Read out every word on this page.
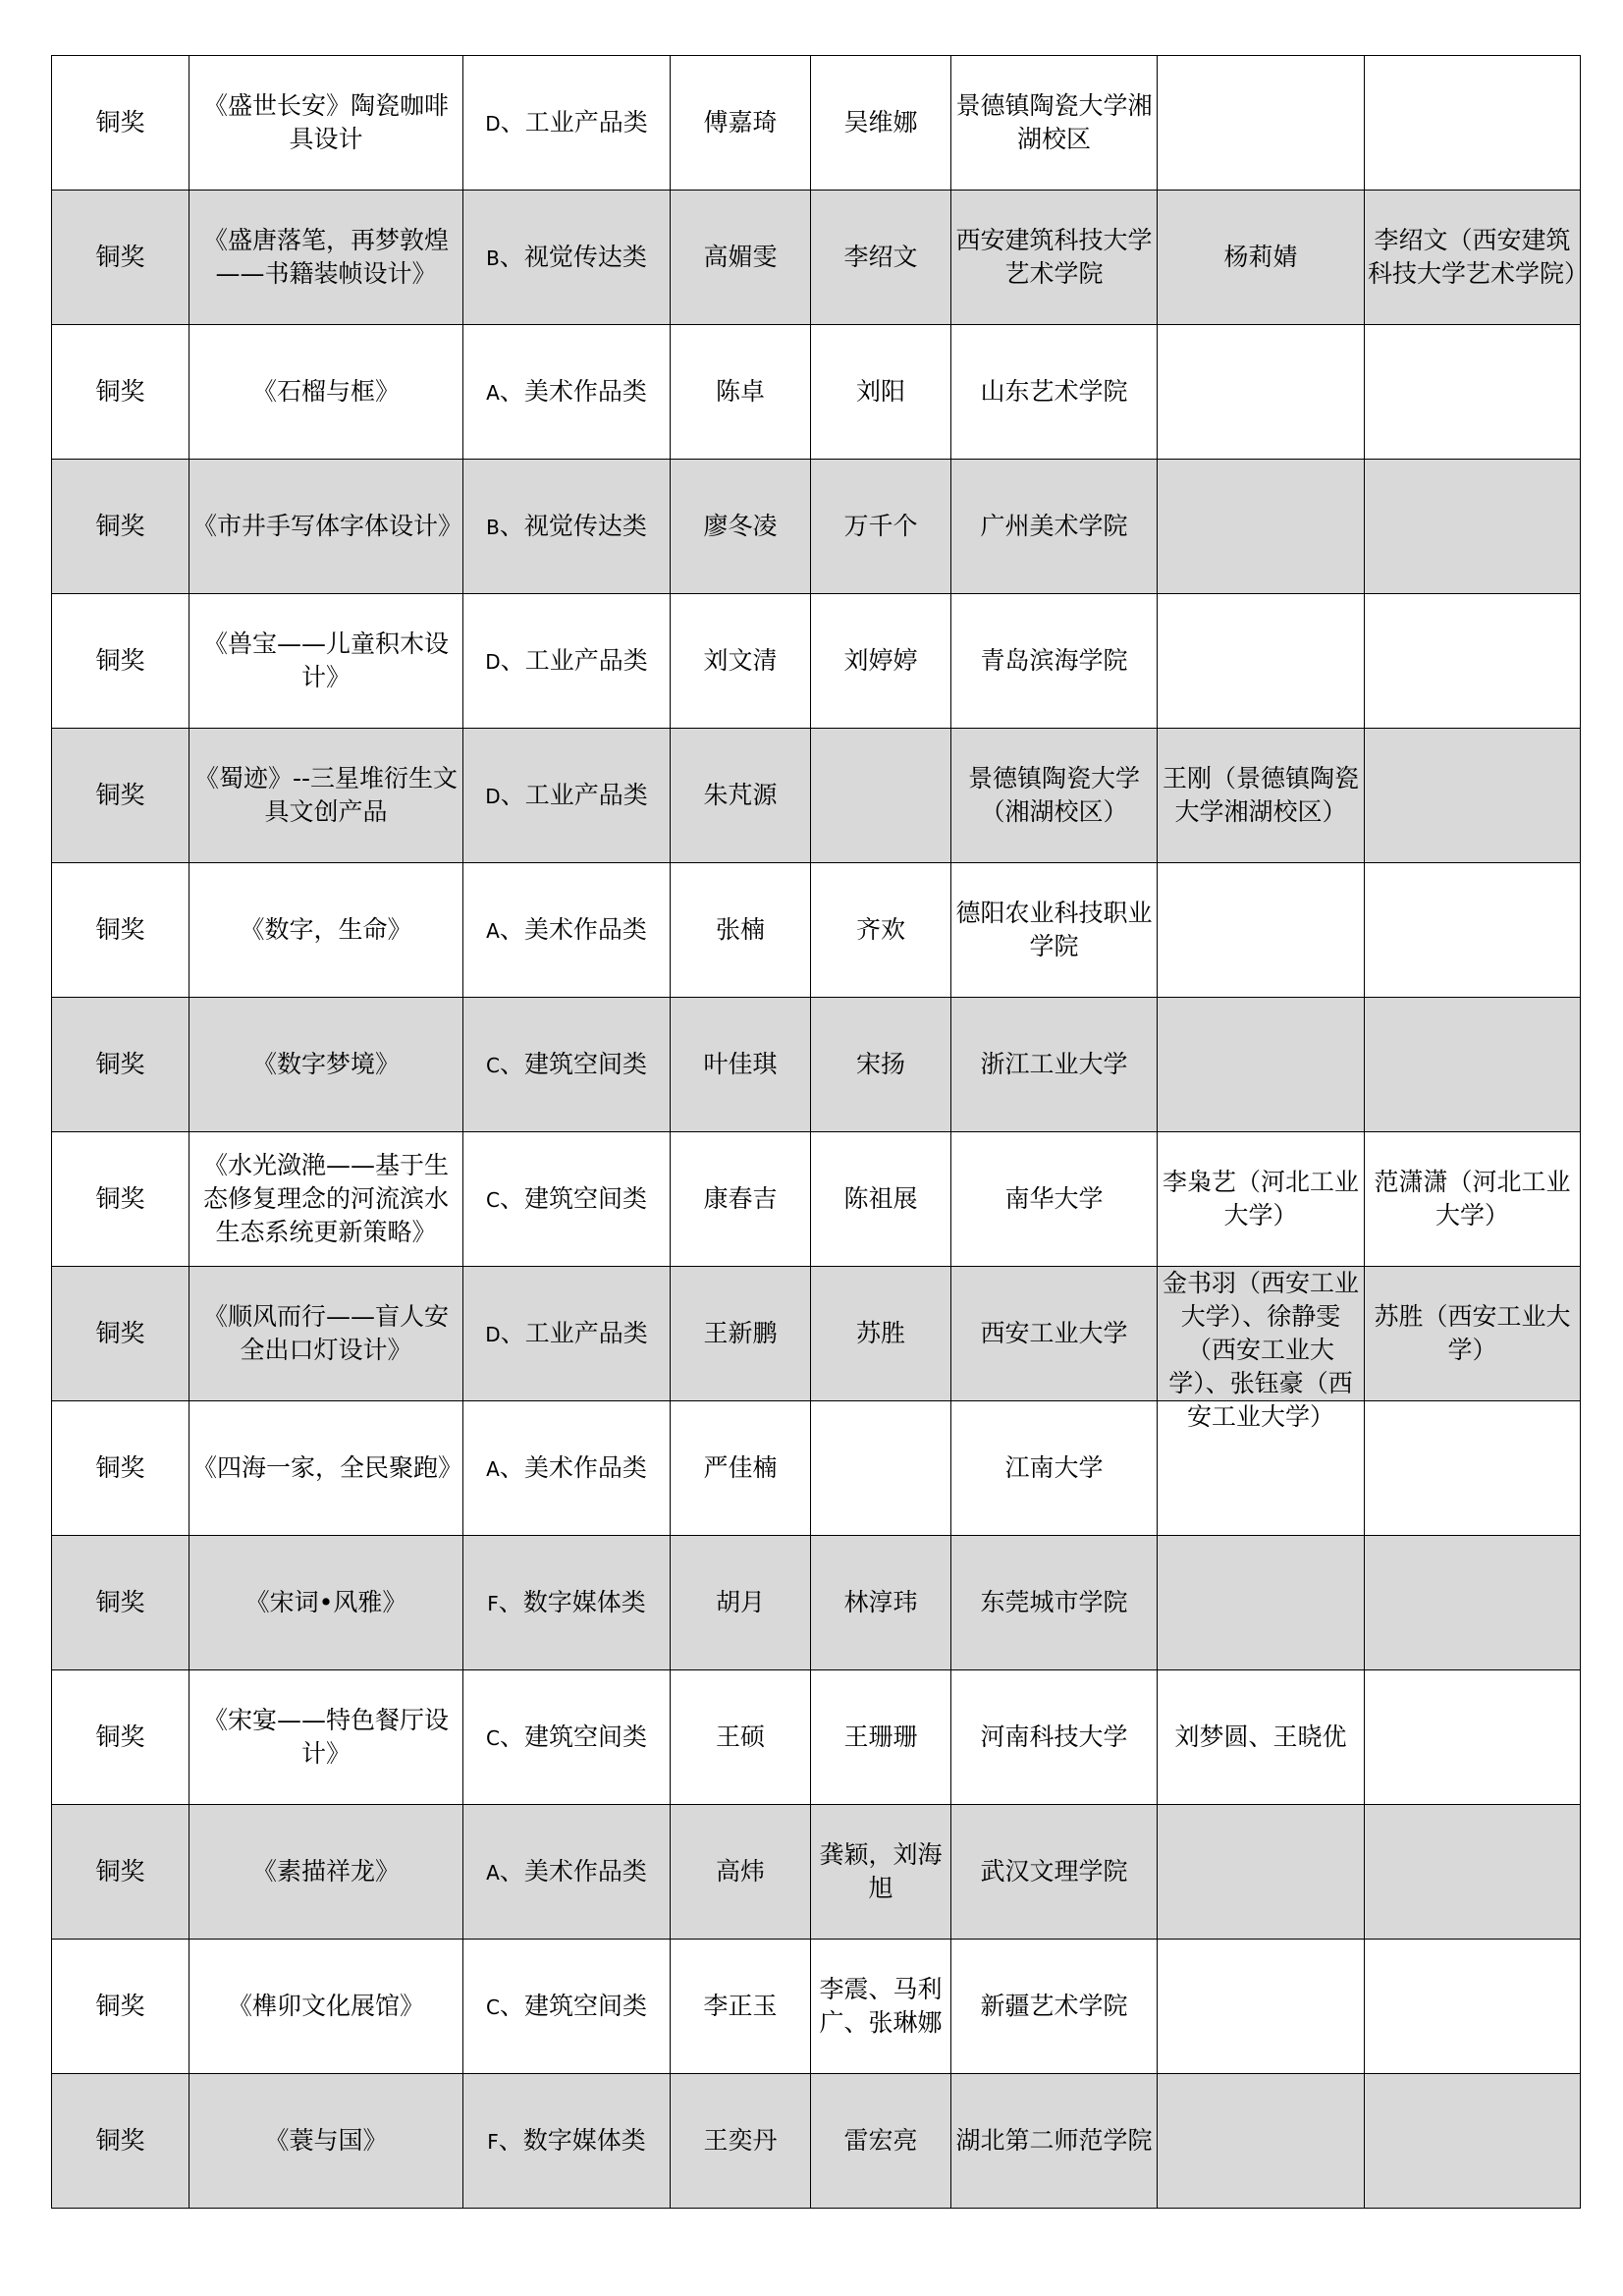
铜奖	《盛世长安》陶瓷咖啡具设计	D、工业产品类	傅嘉琦	吴维娜	景德镇陶瓷大学湘湖校区		

铜奖	《盛唐落笔，再梦敦煌——书籍装帧设计》	B、视觉传达类	高媚雯	李绍文	西安建筑科技大学艺术学院	杨莉婧	李绍文（西安建筑科技大学艺术学院）

铜奖	《石榴与框》	A、美术作品类	陈卓	刘阳	山东艺术学院		

铜奖	《市井手写体字体设计》	B、视觉传达类	廖冬凌	万千个	广州美术学院		

铜奖	《兽宝——儿童积木设计》	D、工业产品类	刘文清	刘婷婷	青岛滨海学院		

铜奖	《蜀迹》--三星堆衍生文具文创产品	D、工业产品类	朱芃源		景德镇陶瓷大学（湘湖校区）	王刚（景德镇陶瓷大学湘湖校区）	

铜奖	《数字，生命》	A、美术作品类	张楠	齐欢	德阳农业科技职业学院		

铜奖	《数字梦境》	C、建筑空间类	叶佳琪	宋扬	浙江工业大学		

铜奖	《水光潋滟——基于生态修复理念的河流滨水生态系统更新策略》	C、建筑空间类	康春吉	陈祖展	南华大学	李枭艺（河北工业大学）	范潇潇（河北工业大学）

铜奖	《顺风而行——盲人安全出口灯设计》	D、工业产品类	王新鹏	苏胜	西安工业大学	金书羽（西安工业大学）、徐静雯（西安工业大学）、张钰豪（西安工业大学）	苏胜（西安工业大学）

铜奖	《四海一家，全民聚跑》	A、美术作品类	严佳楠		江南大学		

铜奖	《宋词•风雅》	F、数字媒体类	胡月	林淳玮	东莞城市学院		

铜奖	《宋宴——特色餐厅设计》	C、建筑空间类	王硕	王珊珊	河南科技大学	刘梦圆、王晓优	

铜奖	《素描祥龙》	A、美术作品类	高炜	龚颖，刘海旭	武汉文理学院		

铜奖	《榫卯文化展馆》	C、建筑空间类	李正玉	李震、马利广、张琳娜	新疆艺术学院		

铜奖	《蓑与国》	F、数字媒体类	王奕丹	雷宏亮	湖北第二师范学院		
